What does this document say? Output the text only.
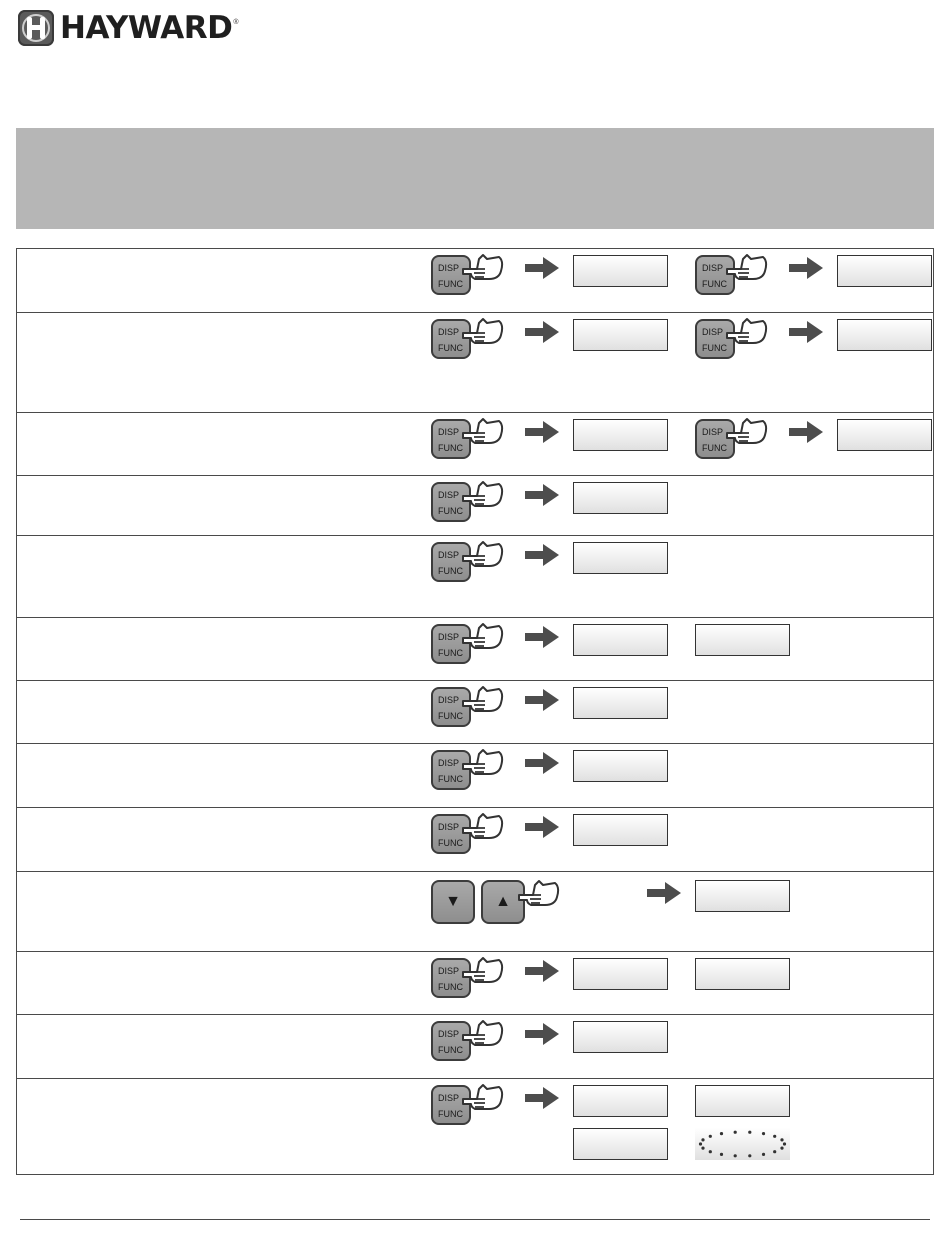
HAYWARD ®
DISP
FUNC
DISP
FUNC
DISP
FUNC
DISP
FUNC
DISP
FUNC
DISP
FUNC
DISP
FUNC
DISP
FUNC
DISP
FUNC
DISP
FUNC
DISP
FUNC
DISP
FUNC
▼	▲
DISP
FUNC
DISP
FUNC
DISP
FUNC
